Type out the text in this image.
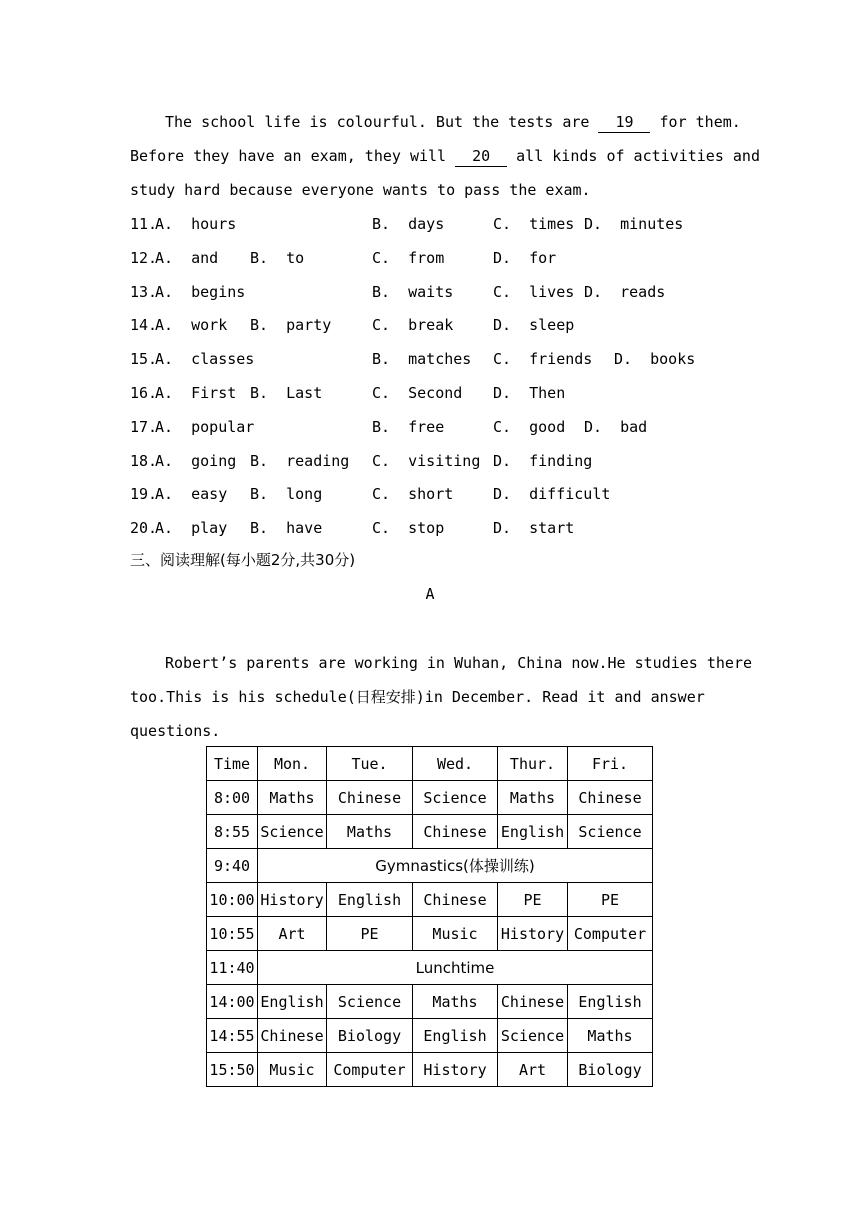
The school life is colourful. But the tests are 19 for them.
Before they have an exam, they will 20 all kinds of activities and
study hard because everyone wants to pass the exam.
11.
A.  hours	B.  days	C.  times D.  minutes
12.
A.  and B.  to	C.  from	D.  for
13.
A.  begins	B.  waits	C.  lives D.  reads
14.
A.  work B.  party	C.  break	D.  sleep
15.
A.  classes	B.  matches C.  friends D.  books
16.
A.  First B.  Last	C.  Second D.  Then
17.
A.  popular	B.  free	C.  good D.  bad
18.
A.  going B.  reading C.  visiting D.  finding
19.
A.  easy B.  long	C.  short	D.  difficult
20.
A.  play B.  have	C.  stop	D.  start
三、阅读理解(每小题2分,共30分)
A
Robert’s parents are working in Wuhan, China now.He studies there
too.This is his schedule(日程安排)in December. Read it and answer
questions.
Time	Mon.	Tue.	Wed.	Thur.	Fri.
8:00	Maths	Chinese	Science	Maths	Chinese
8:55	Science	Maths	Chinese	English	Science
9:40	Gymnastics(体操训练)				
10:00	History	English	Chinese	PE	PE
10:55	Art	PE	Music	History	Computer
11:40	Lunchtime				
14:00	English	Science	Maths	Chinese	English
14:55	Chinese	Biology	English	Science	Maths
15:50	Music	Computer	History	Art	Biology
